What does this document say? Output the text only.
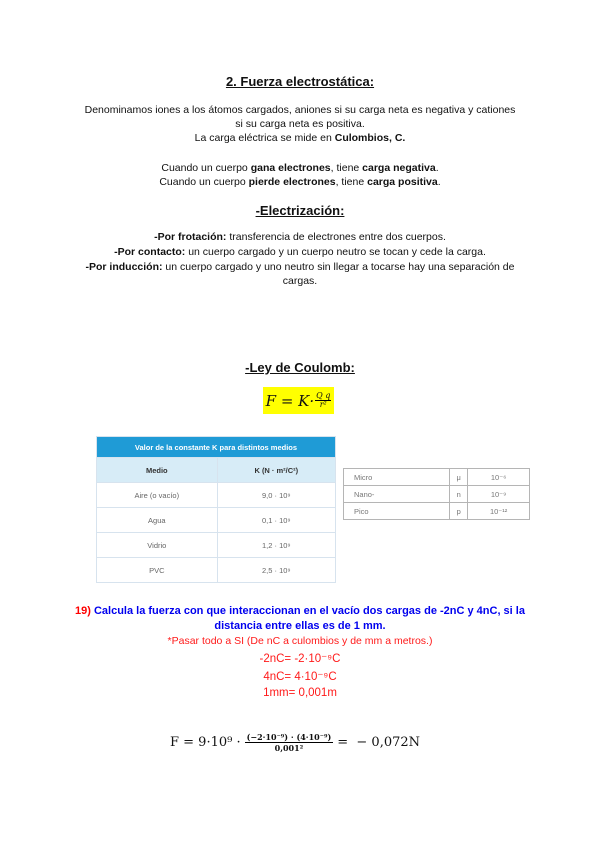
2. Fuerza electrostática:
Denominamos iones a los átomos cargados, aniones si su carga neta es negativa y cationes
si su carga neta es positiva.
La carga eléctrica se mide en Culombios, C.
Cuando un cuerpo gana electrones, tiene carga negativa.
Cuando un cuerpo pierde electrones, tiene carga positiva.
-Electrización:
-Por frotación: transferencia de electrones entre dos cuerpos.
-Por contacto: un cuerpo cargado y un cuerpo neutro se tocan y cede la carga.
-Por inducción: un cuerpo cargado y uno neutro sin llegar a tocarse hay una separación de
cargas.
-Ley de Coulomb:
$F = K\cdot \frac{\text{Q q}}{\text{r²}}$
Valor de la constante K para distintos medios	
Medio	K (N · m²/C²)
Aire (o vacío)	9,0 · 10⁹
Agua	0,1 · 10⁹
Vidrio	1,2 · 10⁹
PVC	2,5 · 10⁹
Micro	μ	10⁻⁶
Nano-	n	10⁻⁹
Pico	p	10⁻¹²
19) Calcula la fuerza con que interaccionan en el vacío dos cargas de -2nC y 4nC, si la
distancia entre ellas es de 1 mm.
*Pasar todo a SI (De nC a culombios y de mm a metros.)
-2nC= -2·10⁻⁹C
4nC= 4·10⁻⁹C
1mm= 0,001m
$F = 9\cdot 10^9 \cdot \frac{\text{(−2·10⁻⁹) · (4·10⁻⁹)}}{\text{0,001²}}$ =  − 0,072N
